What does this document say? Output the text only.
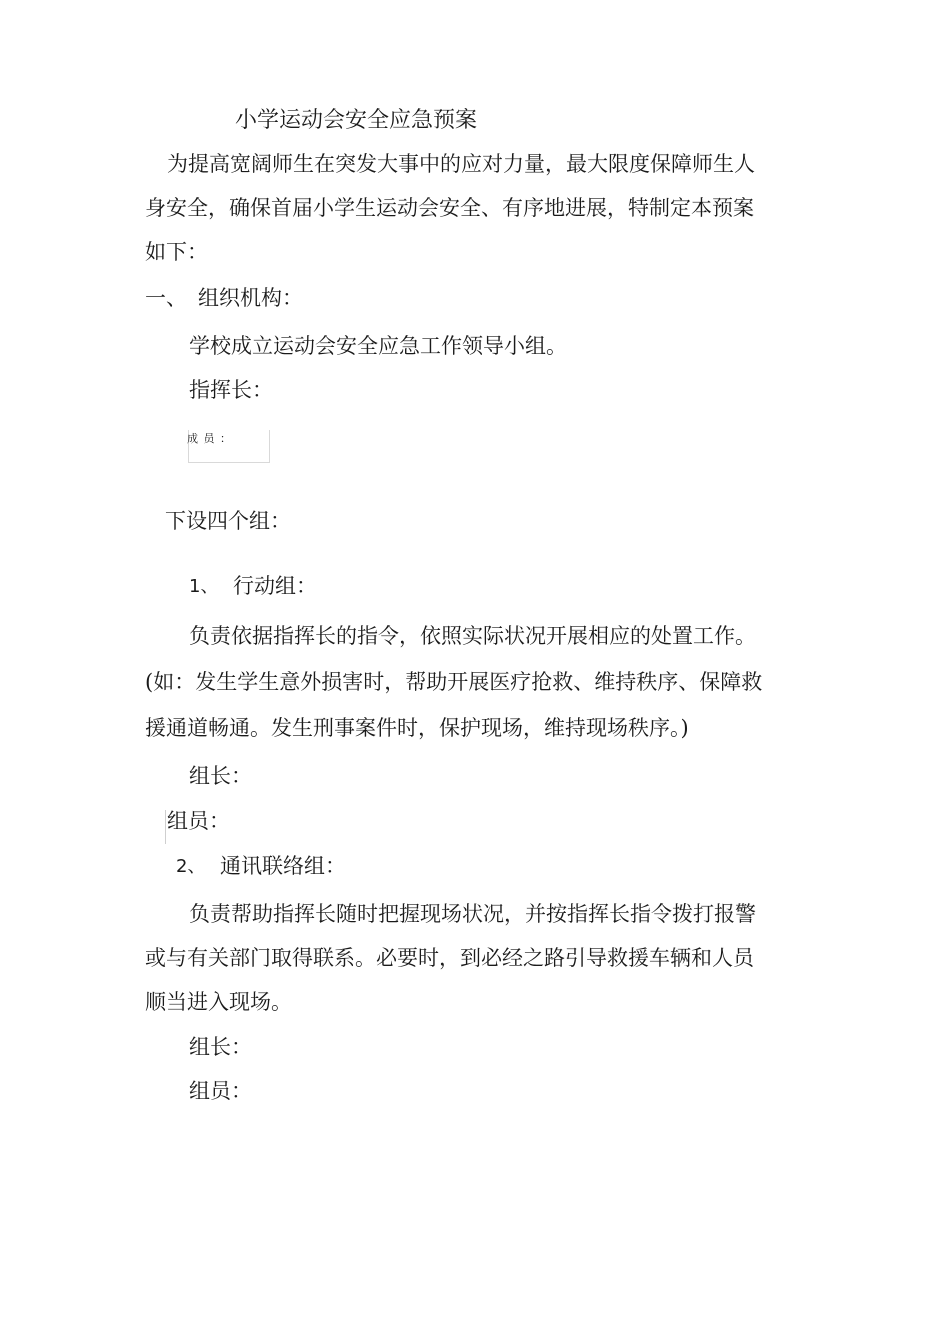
小学运动会安全应急预案
为提高宽阔师生在突发大事中的应对力量，最大限度保障师生人
身安全，确保首届小学生运动会安全、有序地进展，特制定本预案
如下：
一、 组织机构：
学校成立运动会安全应急工作领导小组。
指挥长：
成 员 ：
下设四个组：
1、 行动组：
负责依据指挥长的指令，依照实际状况开展相应的处置工作。
(如：发生学生意外损害时，帮助开展医疗抢救、维持秩序、保障救
援通道畅通。发生刑事案件时，保护现场，维持现场秩序。)
组长：
组员：
2、 通讯联络组：
负责帮助指挥长随时把握现场状况，并按指挥长指令拨打报警
或与有关部门取得联系。必要时，到必经之路引导救援车辆和人员
顺当进入现场。
组长：
组员：
